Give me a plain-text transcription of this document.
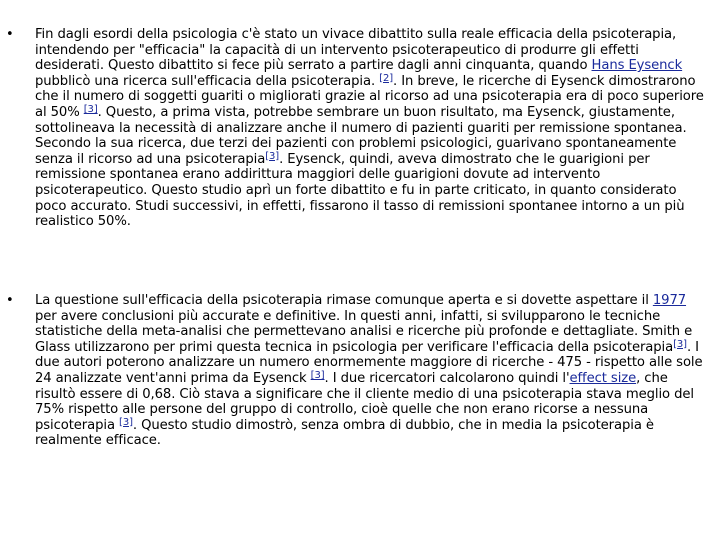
• Fin dagli esordi della psicologia c'è stato un vivace dibattito sulla reale efficacia della psicoterapia, intendendo per "efficacia" la capacità di un intervento psicoterapeutico di produrre gli effetti desiderati. Questo dibattito si fece più serrato a partire dagli anni cinquanta, quando Hans Eysenck pubblicò una ricerca sull'efficacia della psicoterapia. [2]. In breve, le ricerche di Eysenck dimostrarono che il numero di soggetti guariti o migliorati grazie al ricorso ad una psicoterapia era di poco superiore al 50% [3]. Questo, a prima vista, potrebbe sembrare un buon risultato, ma Eysenck, giustamente, sottolineava la necessità di analizzare anche il numero di pazienti guariti per remissione spontanea. Secondo la sua ricerca, due terzi dei pazienti con problemi psicologici, guarivano spontaneamente senza il ricorso ad una psicoterapia[3]. Eysenck, quindi, aveva dimostrato che le guarigioni per remissione spontanea erano addirittura maggiori delle guarigioni dovute ad intervento psicoterapeutico. Questo studio aprì un forte dibattito e fu in parte criticato, in quanto considerato poco accurato. Studi successivi, in effetti, fissarono il tasso di remissioni spontanee intorno a un più realistico 50%.

• La questione sull'efficacia della psicoterapia rimase comunque aperta e si dovette aspettare il 1977 per avere conclusioni più accurate e definitive. In questi anni, infatti, si svilupparono le tecniche statistiche della meta-analisi che permettevano analisi e ricerche più profonde e dettagliate. Smith e Glass utilizzarono per primi questa tecnica in psicologia per verificare l'efficacia della psicoterapia[3]. I due autori poterono analizzare un numero enormemente maggiore di ricerche - 475 - rispetto alle sole 24 analizzate vent'anni prima da Eysenck [3]. I due ricercatori calcolarono quindi l'effect size, che risultò essere di 0,68. Ciò stava a significare che il cliente medio di una psicoterapia stava meglio del 75% rispetto alle persone del gruppo di controllo, cioè quelle che non erano ricorse a nessuna psicoterapia [3]. Questo studio dimostrò, senza ombra di dubbio, che in media la psicoterapia è realmente efficace.
